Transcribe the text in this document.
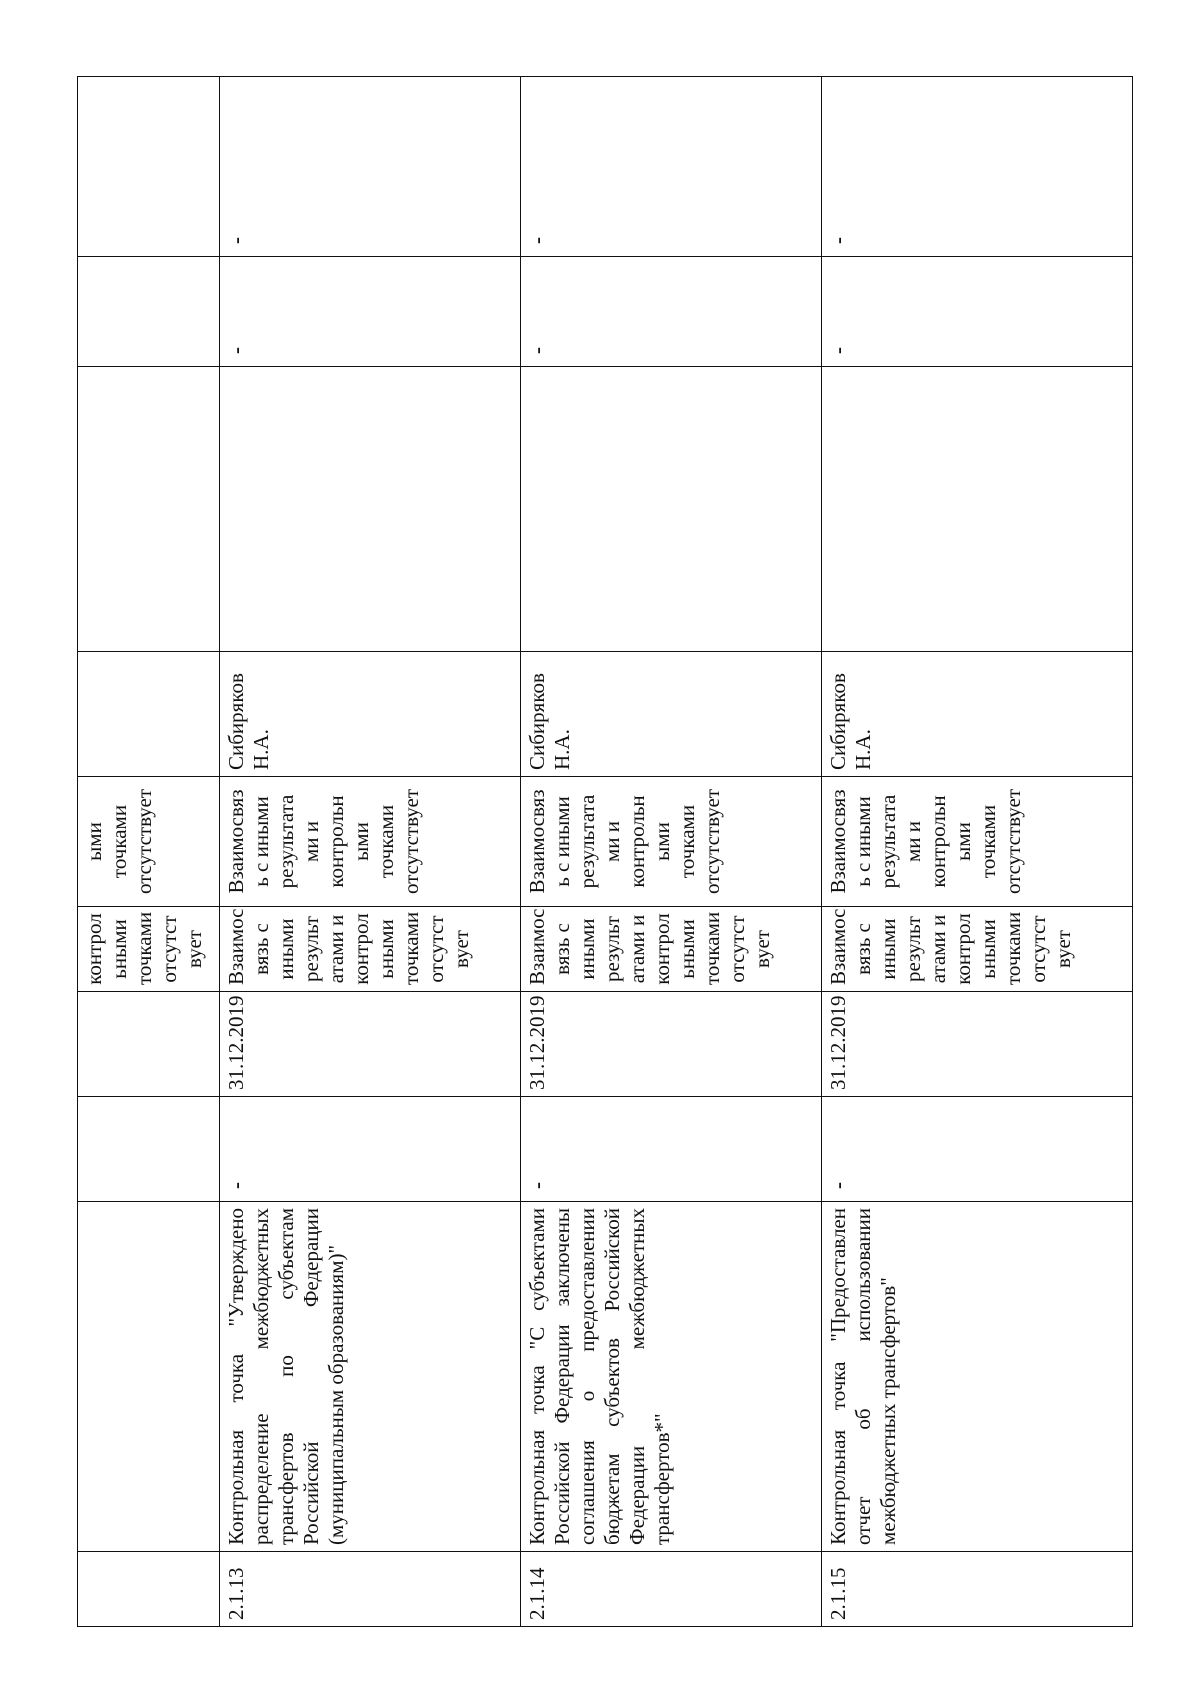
				контрол ьными точками отсутст вует	ыми точками отсутствует				
2.1.13	Контрольная точка "Утверждено распределение межбюджетных трансфертов по субъектам Российской Федерации (муниципальным образованиям)"	-	31.12.2019	Взаимос вязь с иными результ атами и контрол ьными точками отсутст вует	Взаимосвяз ь с иными результата ми и контрольн ыми точками отсутствует	Сибиряков Н.А.		-	-

2.1.14	Контрольная точка "С субъектами Российской Федерации заключены соглашения о предоставлении бюджетам субъектов Российской Федерации межбюджетных трансфертов*"	-	31.12.2019	Взаимос вязь с иными результ атами и контрол ьными точками отсутст вует	Взаимосвяз ь с иными результата ми и контрольн ыми точками отсутствует	Сибиряков Н.А.		-	-

2.1.15	Контрольная точка "Предоставлен отчет об использовании межбюджетных трансфертов"	-	31.12.2019	Взаимос вязь с иными результ атами и контрол ьными точками отсутст вует	Взаимосвяз ь с иными результата ми и контрольн ыми точками отсутствует	Сибиряков Н.А.		-	-
